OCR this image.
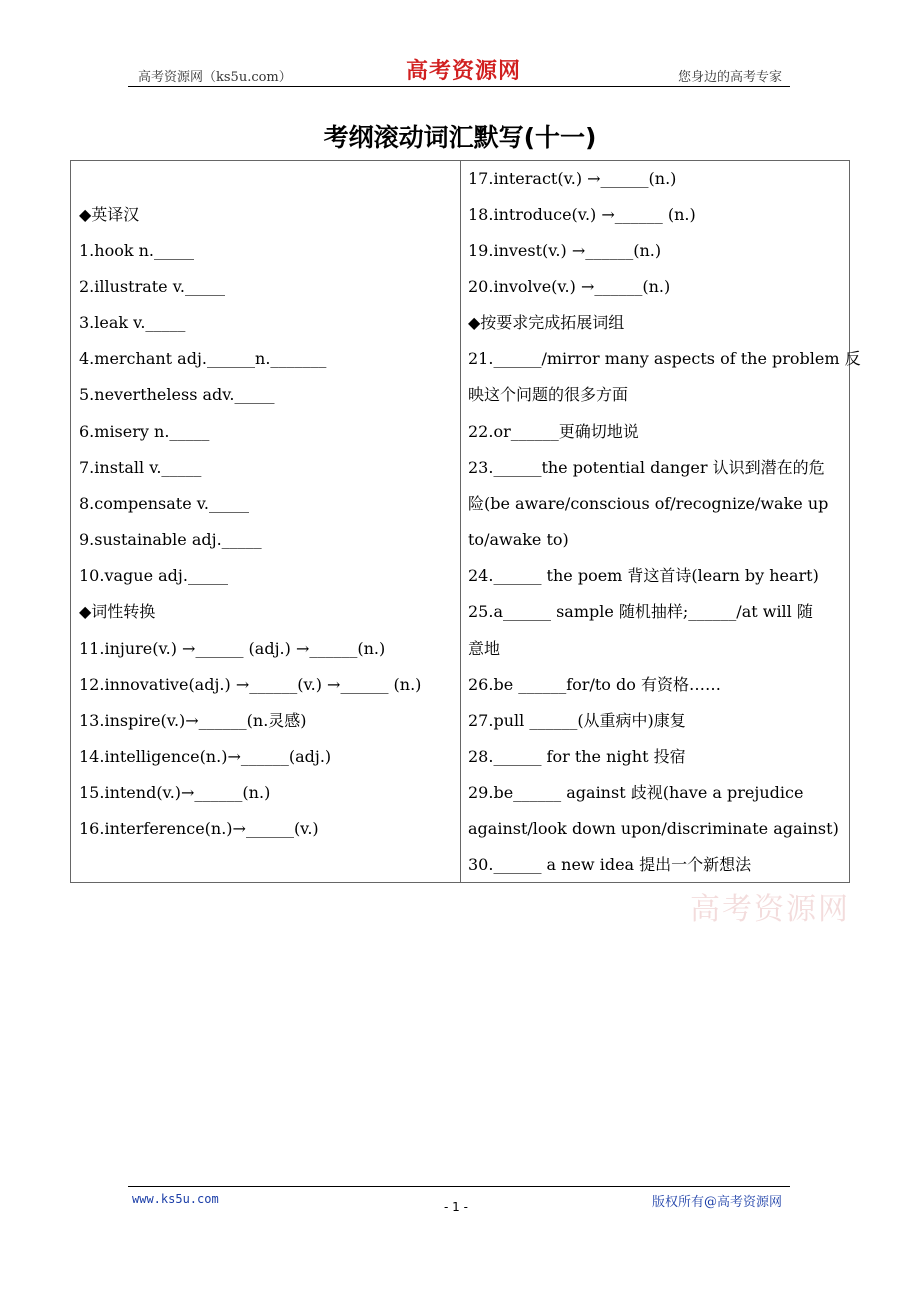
高考资源网（ks5u.com）	高考资源网	您身边的高考专家
考纲滚动词汇默写(十一)
◆英译汉
1.hook n._____
2.illustrate v._____
3.leak v._____
4.merchant adj.______n._______
5.nevertheless adv._____
6.misery n._____
7.install v._____
8.compensate v._____
9.sustainable adj._____
10.vague adj._____
◆词性转换
11.injure(v.) →______ (adj.) →______(n.)
12.innovative(adj.) →______(v.) →______ (n.)
13.inspire(v.)→______(n.灵感)
14.intelligence(n.)→______(adj.)
15.intend(v.)→______(n.)
16.interference(n.)→______(v.)
17.interact(v.) →______(n.)
18.introduce(v.) →______ (n.)
19.invest(v.) →______(n.)
20.involve(v.) →______(n.)
◆按要求完成拓展词组
21.______/mirror many aspects of the problem 反
映这个问题的很多方面
22.or______更确切地说
23.______the potential danger 认识到潜在的危
险(be aware/conscious of/recognize/wake up
to/awake to)
24.______ the poem 背这首诗(learn by heart)
25.a______ sample 随机抽样;______/at will 随
意地
26.be ______for/to do 有资格……
27.pull ______(从重病中)康复
28.______ for the night 投宿
29.be______ against 歧视(have a prejudice
against/look down upon/discriminate against)
30.______ a new idea 提出一个新想法
高考资源网
www.ks5u.com
- 1 -	版权所有@高考资源网
